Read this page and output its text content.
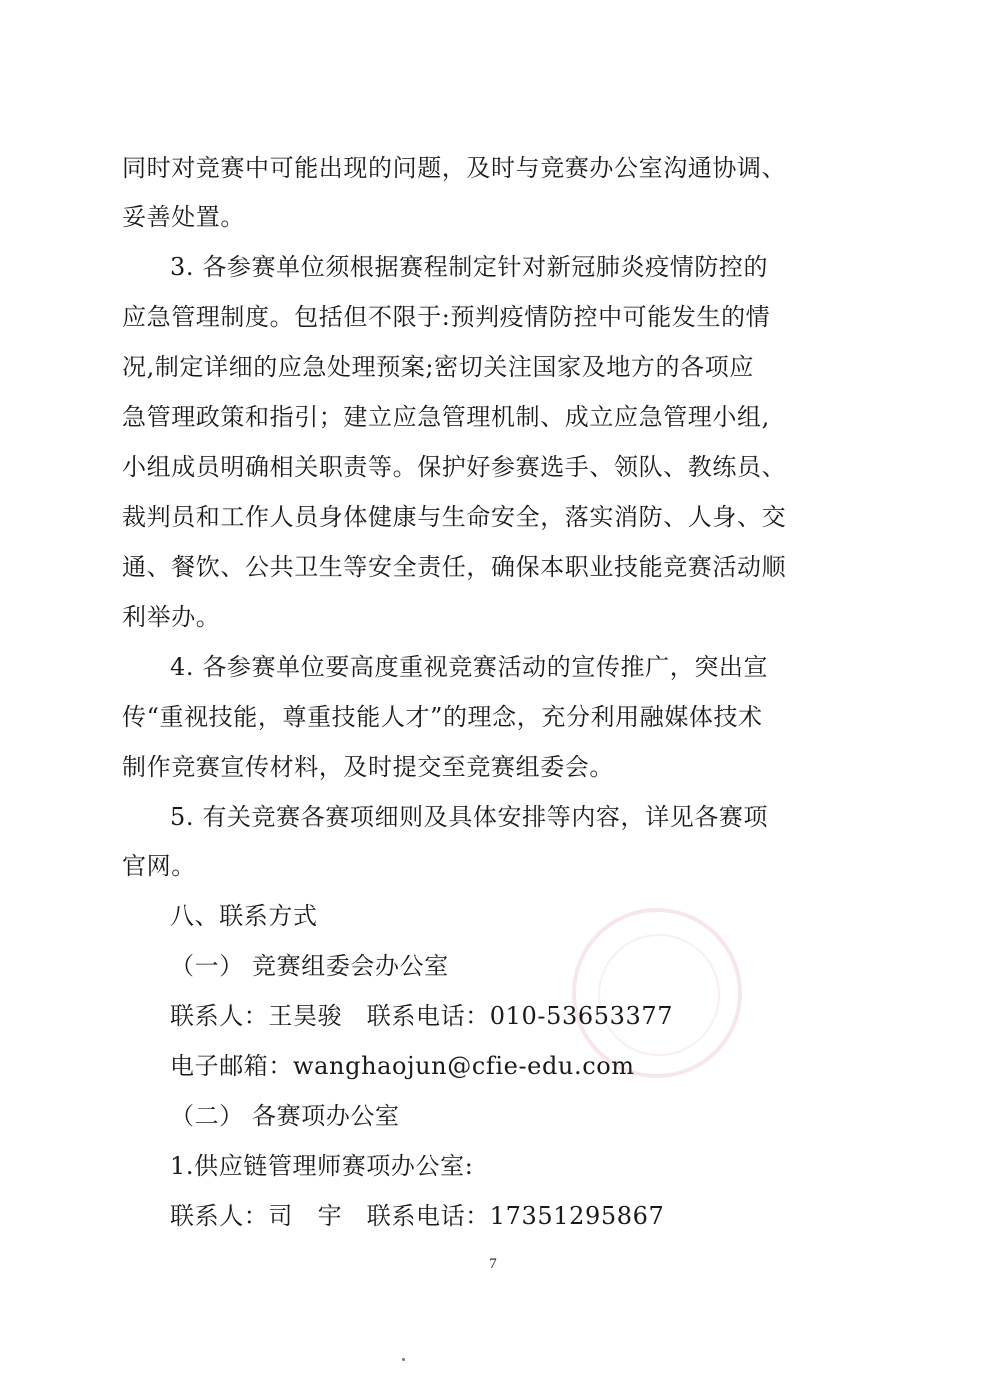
同时对竞赛中可能出现的问题，及时与竞赛办公室沟通协调、
妥善处置。
3. 各参赛单位须根据赛程制定针对新冠肺炎疫情防控的
应急管理制度。包括但不限于:预判疫情防控中可能发生的情
况,制定详细的应急处理预案;密切关注国家及地方的各项应
急管理政策和指引；建立应急管理机制、成立应急管理小组,
小组成员明确相关职责等。保护好参赛选手、领队、教练员、
裁判员和工作人员身体健康与生命安全，落实消防、人身、交
通、餐饮、公共卫生等安全责任，确保本职业技能竞赛活动顺
利举办。
4. 各参赛单位要高度重视竞赛活动的宣传推广，突出宣
传“重视技能，尊重技能人才”的理念，充分利用融媒体技术
制作竞赛宣传材料，及时提交至竞赛组委会。
5. 有关竞赛各赛项细则及具体安排等内容，详见各赛项
官网。
八、联系方式
（一） 竞赛组委会办公室
联系人：王昊骏　联系电话：010-53653377
电子邮箱：wanghaojun@cfie-edu.com
（二） 各赛项办公室
1.供应链管理师赛项办公室:
联系人：司　宇　联系电话：17351295867
7
